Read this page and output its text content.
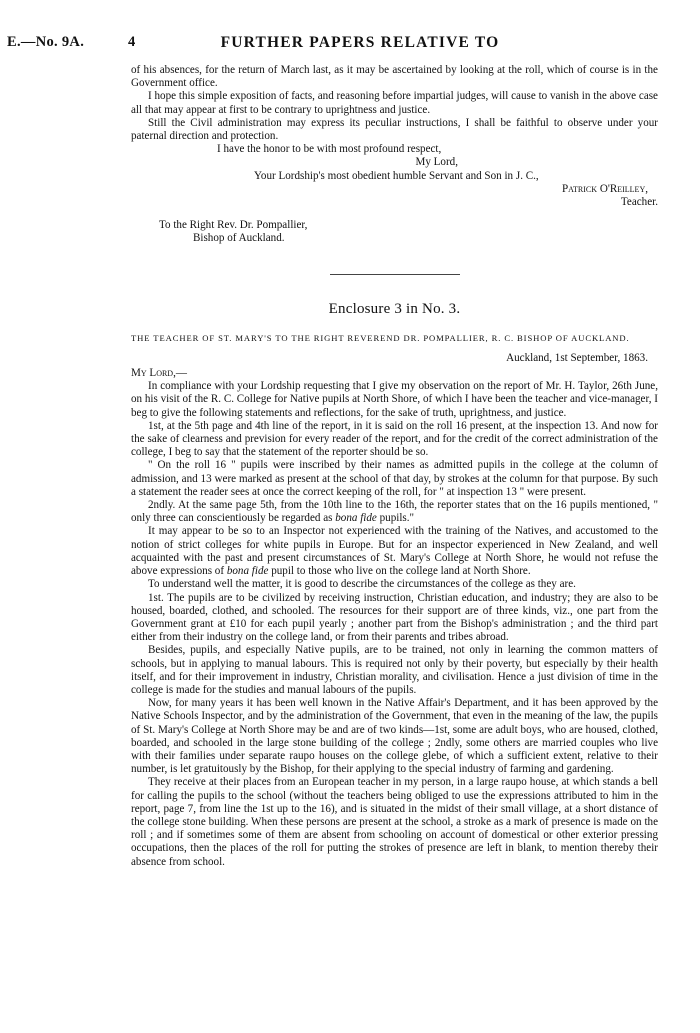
E.—No. 9A.	4	FURTHER PAPERS RELATIVE TO

of his absences, for the return of March last, as it may be ascertained by looking at the roll, which of course is in the Government office.

I hope this simple exposition of facts, and reasoning before impartial judges, will cause to vanish in the above case all that may appear at first to be contrary to uprightness and justice.

Still the Civil administration may express its peculiar instructions, I shall be faithful to observe under your paternal direction and protection.

I have the honor to be with most profound respect,

My Lord,

Your Lordship's most obedient humble Servant and Son in J. C.,

Patrick O'Reilley,

Teacher.

To the Right Rev. Dr. Pompallier,

Bishop of Auckland.

Enclosure 3 in No. 3.

THE TEACHER OF ST. MARY'S TO THE RIGHT REVEREND DR. POMPALLIER, R. C. BISHOP OF AUCKLAND.

Auckland, 1st September, 1863.

My Lord,—

In compliance with your Lordship requesting that I give my observation on the report of Mr. H. Taylor, 26th June, on his visit of the R. C. College for Native pupils at North Shore, of which I have been the teacher and vice-manager, I beg to give the following statements and reflections, for the sake of truth, uprightness, and justice.

1st, at the 5th page and 4th line of the report, in it is said on the roll 16 present, at the inspection 13. And now for the sake of clearness and prevision for every reader of the report, and for the credit of the correct administration of the college, I beg to say that the statement of the reporter should be so.

" On the roll 16 " pupils were inscribed by their names as admitted pupils in the college at the column of admission, and 13 were marked as present at the school of that day, by strokes at the column for that purpose. By such a statement the reader sees at once the correct keeping of the roll, for " at inspection 13 " were present.

2ndly. At the same page 5th, from the 10th line to the 16th, the reporter states that on the 16 pupils mentioned, " only three can conscientiously be regarded as bona fide pupils."

It may appear to be so to an Inspector not experienced with the training of the Natives, and accustomed to the notion of strict colleges for white pupils in Europe. But for an inspector experienced in New Zealand, and well acquainted with the past and present circumstances of St. Mary's College at North Shore, he would not refuse the above expressions of bona fide pupil to those who live on the college land at North Shore.

To understand well the matter, it is good to describe the circumstances of the college as they are.

1st. The pupils are to be civilized by receiving instruction, Christian education, and industry; they are also to be housed, boarded, clothed, and schooled. The resources for their support are of three kinds, viz., one part from the Government grant at £10 for each pupil yearly ; another part from the Bishop's administration ; and the third part either from their industry on the college land, or from their parents and tribes abroad.

Besides, pupils, and especially Native pupils, are to be trained, not only in learning the common matters of schools, but in applying to manual labours. This is required not only by their poverty, but especially by their health itself, and for their improvement in industry, Christian morality, and civilisation. Hence a just division of time in the college is made for the studies and manual labours of the pupils.

Now, for many years it has been well known in the Native Affair's Department, and it has been approved by the Native Schools Inspector, and by the administration of the Government, that even in the meaning of the law, the pupils of St. Mary's College at North Shore may be and are of two kinds—1st, some are adult boys, who are housed, clothed, boarded, and schooled in the large stone building of the college ; 2ndly, some others are married couples who live with their families under separate raupo houses on the college glebe, of which a sufficient extent, relative to their number, is let gratuitously by the Bishop, for their applying to the special industry of farming and gardening.

They receive at their places from an European teacher in my person, in a large raupo house, at which stands a bell for calling the pupils to the school (without the teachers being obliged to use the expressions attributed to him in the report, page 7, from line the 1st up to the 16), and is situated in the midst of their small village, at a short distance of the college stone building. When these persons are present at the school, a stroke as a mark of presence is made on the roll ; and if sometimes some of them are absent from schooling on account of domestical or other exterior pressing occupations, then the places of the roll for putting the strokes of presence are left in blank, to mention thereby their absence from school.
